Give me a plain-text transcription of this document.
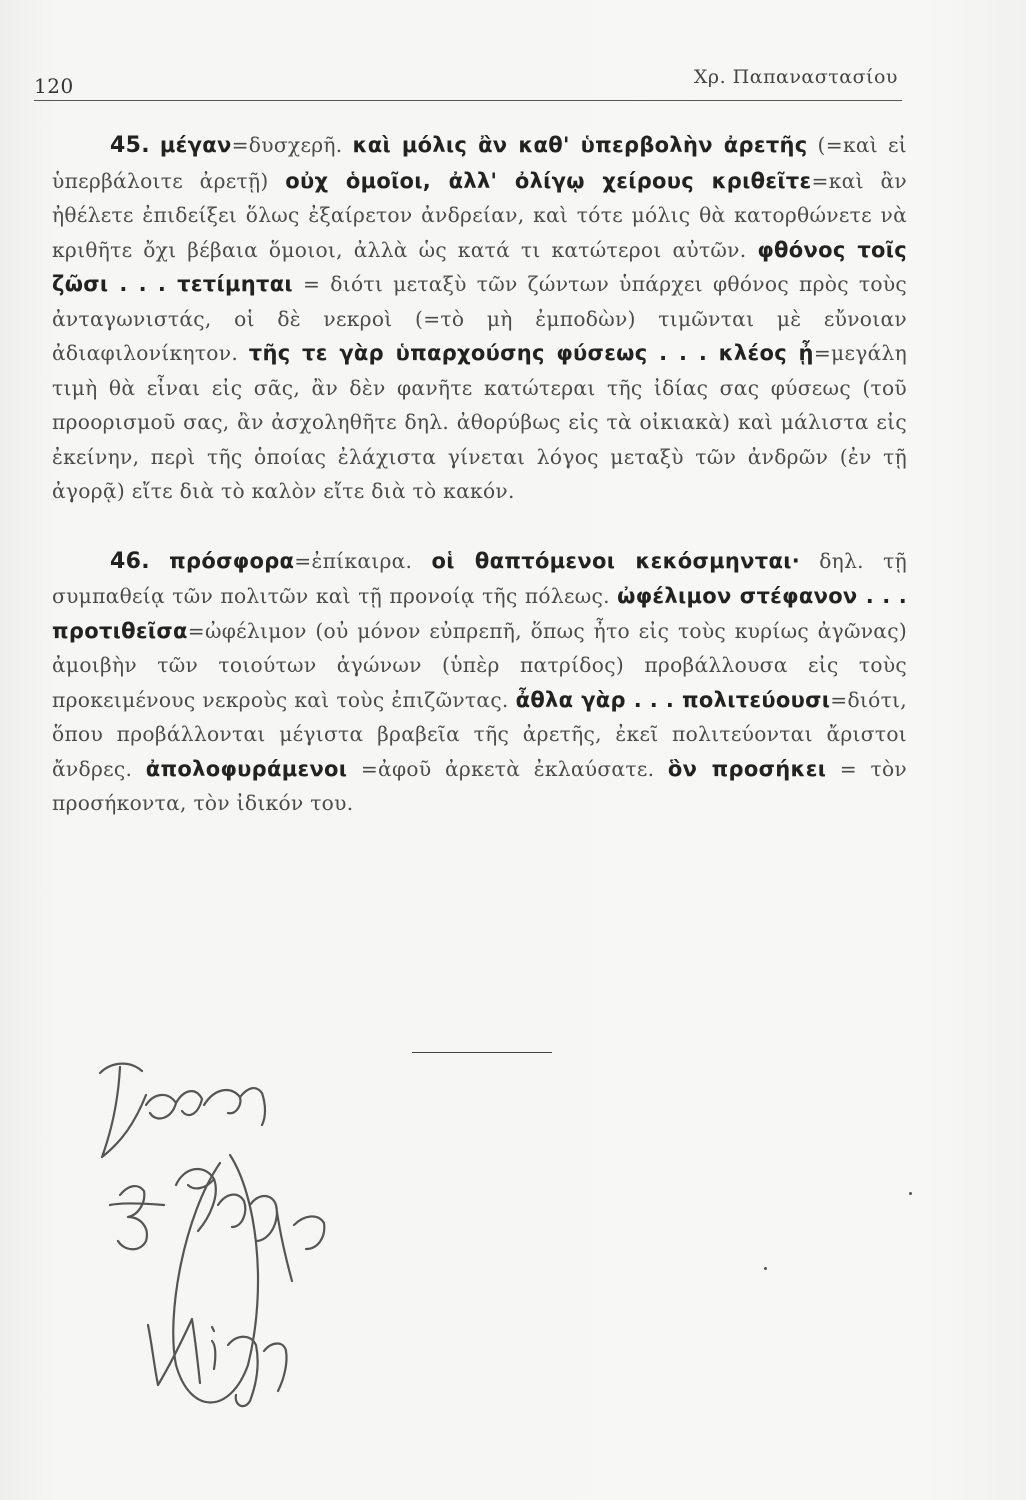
120	Χρ. Παπαναστασίου

45. μέγαν=δυσχερῆ. καὶ μόλις ἂν καθ' ὑπερβολὴν ἀρετῆς (=καὶ εἰ ὑπερβάλοιτε ἀρετῇ) οὐχ ὁμοῖοι, ἀλλ' ὀλίγῳ χείρους κριθεῖτε=καὶ ἂν ἠθέλετε ἐπιδείξει ὅλως ἐξαίρετον ἀνδρείαν, καὶ τότε μόλις θὰ κατορθώνετε νὰ κριθῆτε ὄχι βέβαια ὅμοιοι, ἀλλὰ ὡς κατά τι κατώτεροι αὐτῶν. φθόνος τοῖς ζῶσι . . . τετίμηται = διότι μεταξὺ τῶν ζώντων ὑπάρχει φθόνος πρὸς τοὺς ἀνταγωνιστάς, οἱ δὲ νεκροὶ (=τὸ μὴ ἐμποδὼν) τιμῶνται μὲ εὔνοιαν ἀδιαφιλονίκητον. τῆς τε γὰρ ὑπαρχούσης φύσεως . . . κλέος ᾖ=μεγάλη τιμὴ θὰ εἶναι εἰς σᾶς, ἂν δὲν φανῆτε κατώτεραι τῆς ἰδίας σας φύσεως (τοῦ προορισμοῦ σας, ἂν ἀσχοληθῆτε δηλ. ἀθορύβως εἰς τὰ οἰκιακὰ) καὶ μάλιστα εἰς ἐκείνην, περὶ τῆς ὁποίας ἐλάχιστα γίνεται λόγος μεταξὺ τῶν ἀνδρῶν (ἐν τῇ ἀγορᾷ) εἴτε διὰ τὸ καλὸν εἴτε διὰ τὸ κακόν.

46. πρόσφορα=ἐπίκαιρα. οἱ θαπτόμενοι κεκόσμηνται· δηλ. τῇ συμπαθείᾳ τῶν πολιτῶν καὶ τῇ προνοίᾳ τῆς πόλεως. ὠφέλιμον στέφανον . . . προτιθεῖσα=ὠφέλιμον (οὐ μόνον εὐπρεπῆ, ὅπως ἦτο εἰς τοὺς κυρίως ἀγῶνας) ἀμοιβὴν τῶν τοιούτων ἀγώνων (ὑπὲρ πατρίδος) προβάλλουσα εἰς τοὺς προκειμένους νεκροὺς καὶ τοὺς ἐπιζῶντας. ἆθλα γὰρ . . . πολιτεύουσι=διότι, ὅπου προβάλλονται μέγιστα βραβεῖα τῆς ἀρετῆς, ἐκεῖ πολιτεύονται ἄριστοι ἄνδρες. ἀπολοφυράμενοι =ἀφοῦ ἀρκετὰ ἐκλαύσατε. ὃν προσήκει = τὸν προσήκοντα, τὸν ἰδικόν του.
